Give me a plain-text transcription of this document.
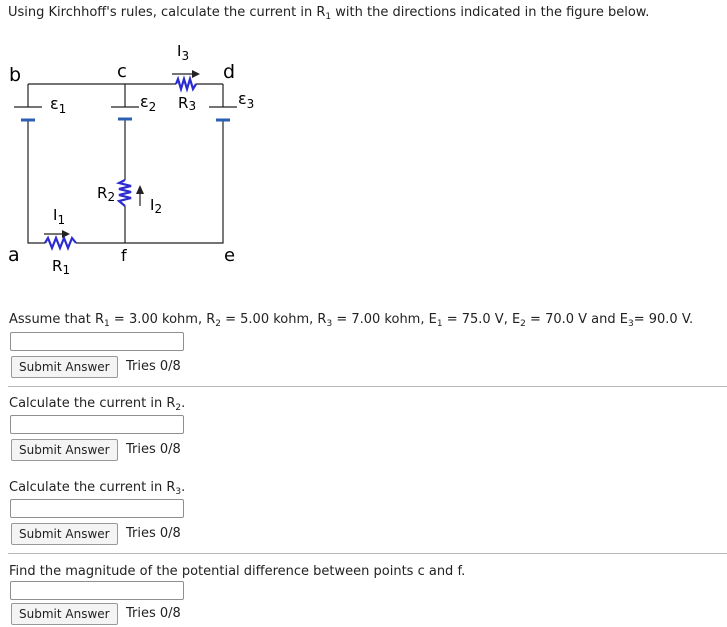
Using Kirchhoff's rules, calculate the current in $R_1$ with the directions indicated in the figure below.
$\varepsilon_1$	$\varepsilon_2$	$\varepsilon_3$
R3
$I_3$
$R_2$ $I_2$
$R_1$
$I_1$
b	c	d
a	f	e
Assume that $R_1 = 3.00$ kohm, $R_2 = 5.00$ kohm, $R_3 = 7.00$ kohm, $E_1 = 75.0$ V, $E_2 = 70.0$ V and $E_3= 90.0$ V.
Submit Answer	Tries 0/8
Calculate the current in $R_2$.
Submit Answer	Tries 0/8
Calculate the current in $R_3$.
Submit Answer	Tries 0/8
Find the magnitude of the potential difference between points c and f.
Submit Answer	Tries 0/8
